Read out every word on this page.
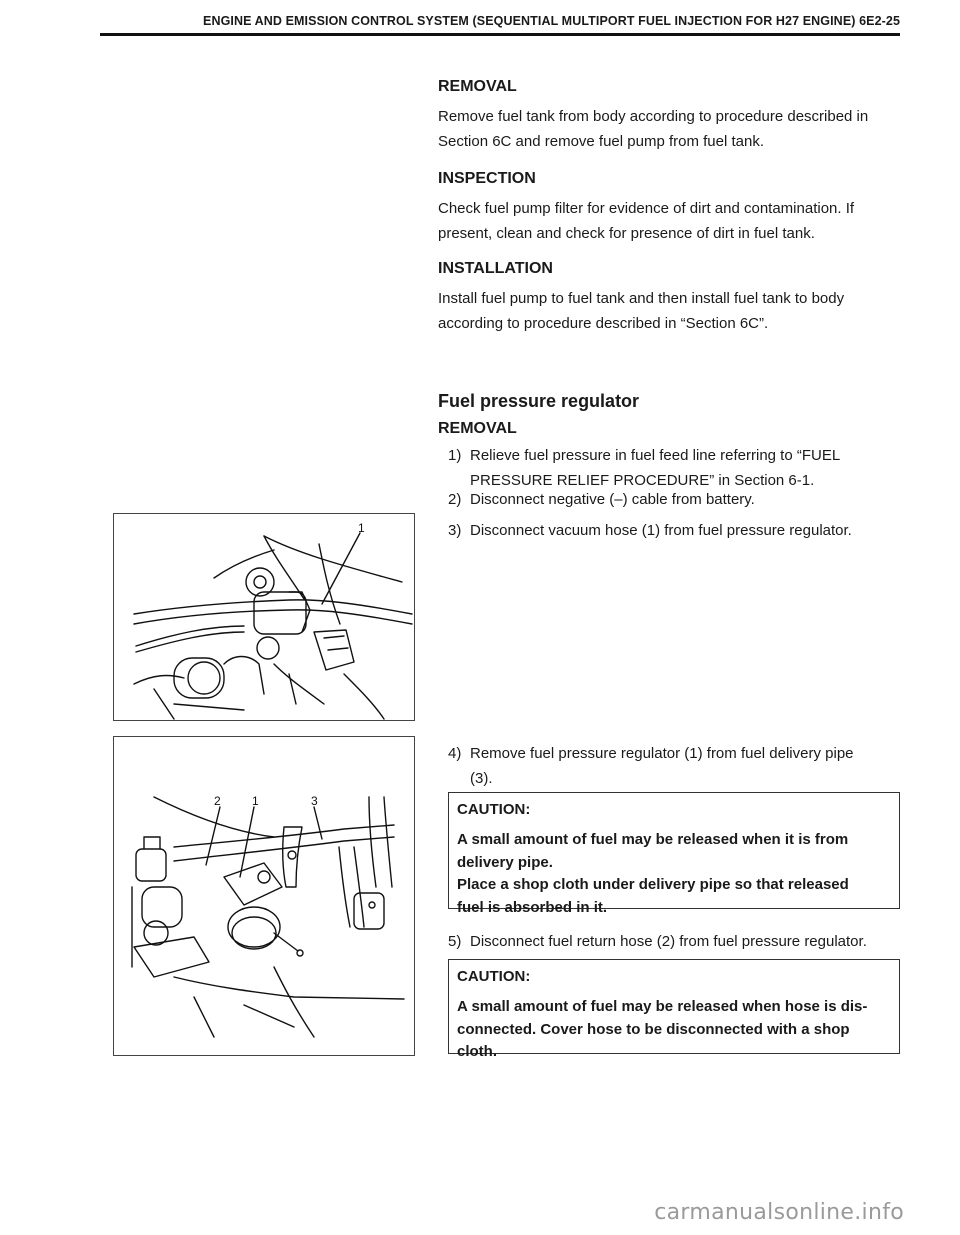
ENGINE AND EMISSION CONTROL SYSTEM (SEQUENTIAL MULTIPORT FUEL INJECTION FOR H27 ENGINE) 6E2-25
REMOVAL
Remove fuel tank from body according to procedure described in
Section 6C and remove fuel pump from fuel tank.
INSPECTION
Check fuel pump filter for evidence of dirt and contamination. If
present, clean and check for presence of dirt in fuel tank.
INSTALLATION
Install fuel pump to fuel tank and then install fuel tank to body
according to procedure described in “Section 6C”.
Fuel pressure regulator
REMOVAL
1) Relieve fuel pressure in fuel feed line referring to “FUEL
PRESSURE RELIEF PROCEDURE” in Section 6-1.
2) Disconnect negative (–) cable from battery.
3) Disconnect vacuum hose (1) from fuel pressure regulator.
1
4) Remove fuel pressure regulator (1) from fuel delivery pipe
(3).
CAUTION:
A small amount of fuel may be released when it is from
delivery pipe.
Place a shop cloth under delivery pipe so that released
fuel is absorbed in it.
2	1	3
5) Disconnect fuel return hose (2) from fuel pressure regulator.
CAUTION:
A small amount of fuel may be released when hose is dis-
connected. Cover hose to be disconnected with a shop
cloth.
carmanualsonline.info
